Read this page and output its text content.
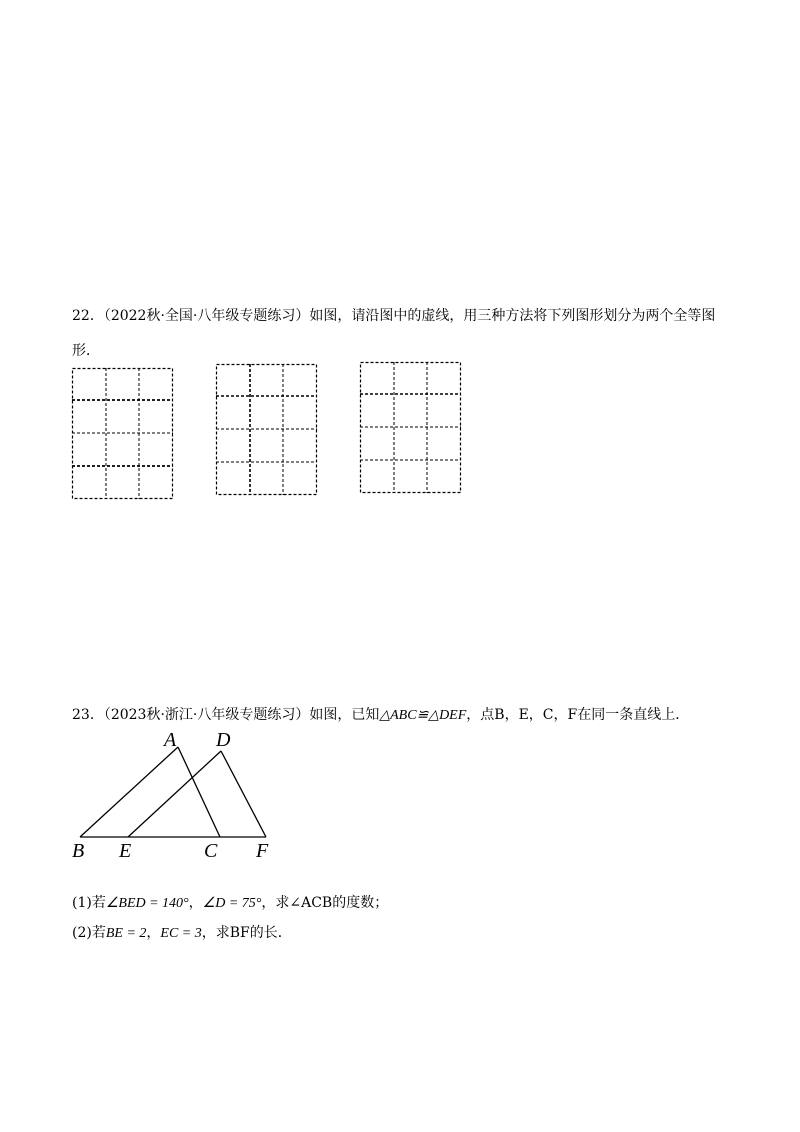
22．（2022秋·全国·八年级专题练习）如图，请沿图中的虚线，用三种方法将下列图形划分为两个全等图
形．
23．（2023秋·浙江·八年级专题练习）如图，已知△ABC≌△DEF，点B，E，C，F在同一条直线上．
A D
B E	C F
(1)若∠BED = 140°，∠D = 75°，求∠ACB的度数；
(2)若BE = 2，EC = 3，求BF的长．
